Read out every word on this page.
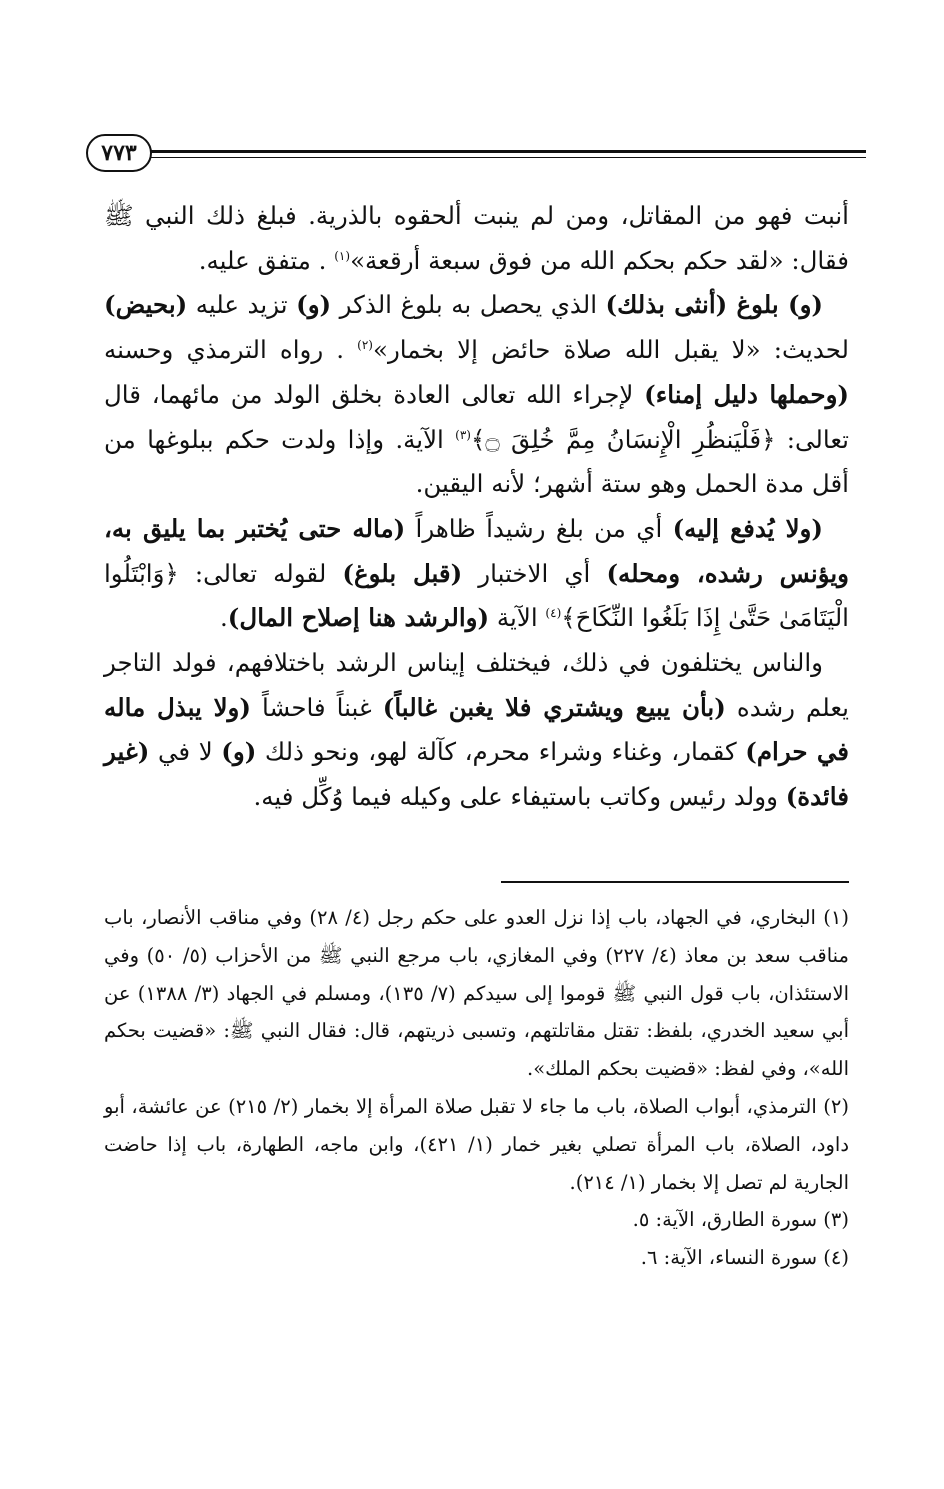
٧٧٣

أنبت فهو من المقاتل، ومن لم ينبت ألحقوه بالذرية. فبلغ ذلك النبي ﷺ فقال: «لقد حكم بحكم الله من فوق سبعة أرقعة»$^{(١)}$ . متفق عليه.

(و) بلوغ (أنثى بذلك) الذي يحصل به بلوغ الذكر (و) تزيد عليه (بحيض) لحديث: «لا يقبل الله صلاة حائض إلا بخمار»$^{(٢)}$ . رواه الترمذي وحسنه (وحملها دليل إمناء) لإجراء الله تعالى العادة بخلق الولد من مائهما، قال تعالى: ﴿فَلْيَنظُرِ الْإِنسَانُ مِمَّ خُلِقَ ۝﴾$^{(٣)}$ الآية. وإذا ولدت حكم ببلوغها من أقل مدة الحمل وهو ستة أشهر؛ لأنه اليقين.

(ولا يُدفع إليه) أي من بلغ رشيداً ظاهراً (ماله حتى يُختبر بما يليق به، ويؤنس رشده، ومحله) أي الاختبار (قبل بلوغ) لقوله تعالى: ﴿وَابْتَلُوا الْيَتَامَىٰ حَتَّىٰ إِذَا بَلَغُوا النِّكَاحَ﴾$^{(٤)}$ الآية (والرشد هنا إصلاح المال).

والناس يختلفون في ذلك، فيختلف إيناس الرشد باختلافهم، فولد التاجر يعلم رشده (بأن يبيع ويشتري فلا يغبن غالباً) غبناً فاحشاً (ولا يبذل ماله في حرام) كقمار، وغناء وشراء محرم، كآلة لهو، ونحو ذلك (و) لا في (غير فائدة) وولد رئيس وكاتب باستيفاء على وكيله فيما وُكِّل فيه.

(١) البخاري، في الجهاد، باب إذا نزل العدو على حكم رجل (٤/ ٢٨) وفي مناقب الأنصار، باب مناقب سعد بن معاذ (٤/ ٢٢٧) وفي المغازي، باب مرجع النبي ﷺ من الأحزاب (٥/ ٥٠) وفي الاستئذان، باب قول النبي ﷺ قوموا إلى سيدكم (٧/ ١٣٥)، ومسلم في الجهاد (٣/ ١٣٨٨) عن أبي سعيد الخدري، بلفظ: تقتل مقاتلتهم، وتسبى ذريتهم، قال: فقال النبي ﷺ: «قضيت بحكم الله»، وفي لفظ: «قضيت بحكم الملك».

(٢) الترمذي، أبواب الصلاة، باب ما جاء لا تقبل صلاة المرأة إلا بخمار (٢/ ٢١٥) عن عائشة، أبو داود، الصلاة، باب المرأة تصلي بغير خمار (١/ ٤٢١)، وابن ماجه، الطهارة، باب إذا حاضت الجارية لم تصل إلا بخمار (١/ ٢١٤).

(٣) سورة الطارق، الآية: ٥.

(٤) سورة النساء، الآية: ٦.
